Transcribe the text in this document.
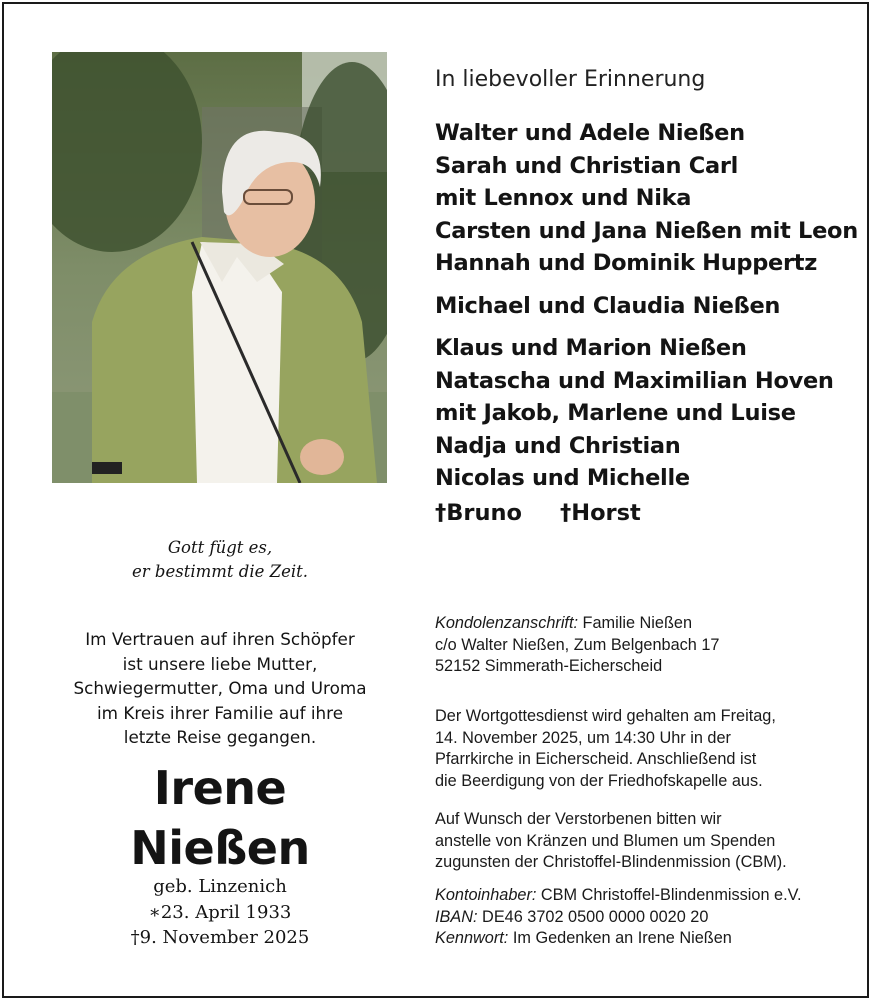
In liebevoller Erinnerung
Walter und Adele Nießen
Sarah und Christian Carl
mit Lennox und Nika
Carsten und Jana Nießen mit Leon
Hannah und Dominik Huppertz
Michael und Claudia Nießen
Klaus und Marion Nießen
Natascha und Maximilian Hoven
mit Jakob, Marlene und Luise
Nadja und Christian
Nicolas und Michelle
†Bruno †Horst
Gott fügt es,
er bestimmt die Zeit.
Im Vertrauen auf ihren Schöpfer
ist unsere liebe Mutter,
Schwiegermutter, Oma und Uroma
im Kreis ihrer Familie auf ihre
letzte Reise gegangen.
Irene
Nießen
geb. Linzenich
∗23. April 1933
†9. November 2025
Kondolenzanschrift: Familie Nießen
c/o Walter Nießen, Zum Belgenbach 17
52152 Simmerath-Eicherscheid
Der Wortgottesdienst wird gehalten am Freitag,
14. November 2025, um 14:30 Uhr in der
Pfarrkirche in Eicherscheid. Anschließend ist
die Beerdigung von der Friedhofskapelle aus.
Auf Wunsch der Verstorbenen bitten wir
anstelle von Kränzen und Blumen um Spenden
zugunsten der Christoffel-Blindenmission (CBM).
Kontoinhaber: CBM Christoffel-Blindenmission e.V.
IBAN: DE46 3702 0500 0000 0020 20
Kennwort: Im Gedenken an Irene Nießen
